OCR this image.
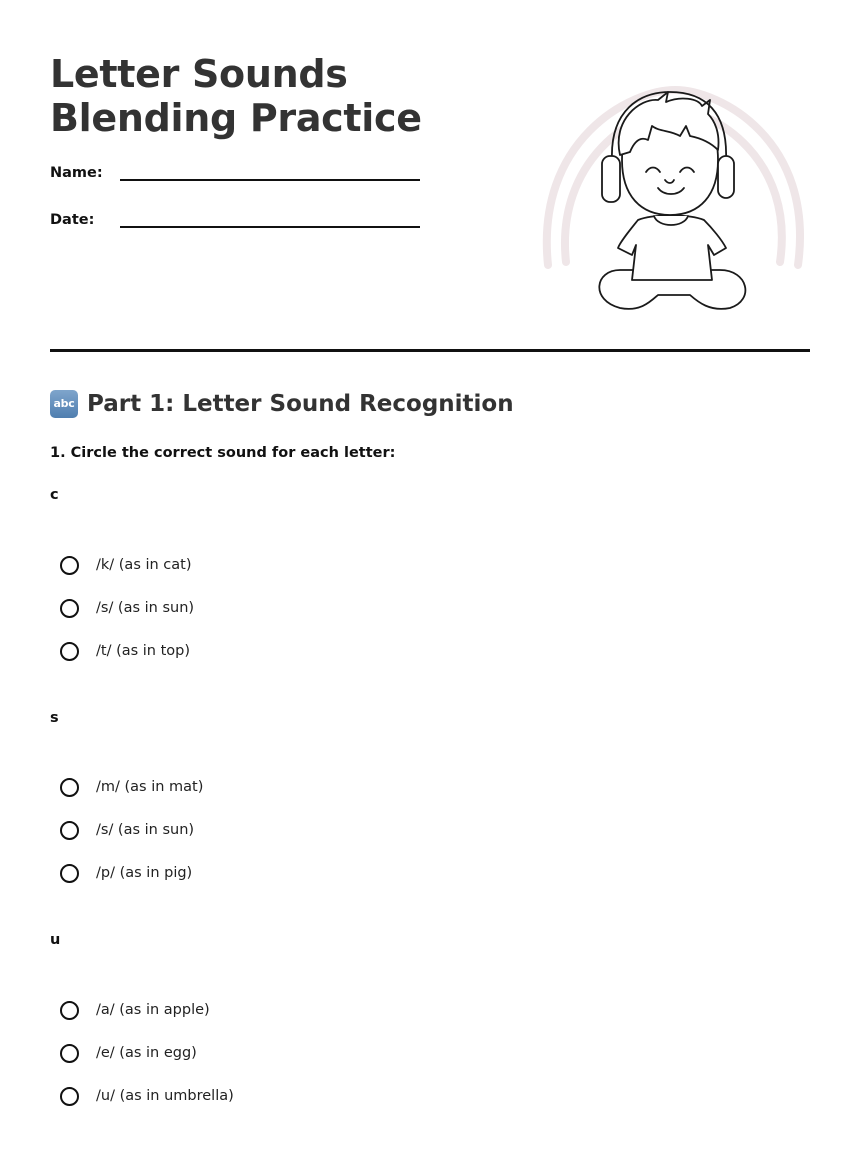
Letter Sounds Blending Practice
Name:
Date:
abc Part 1: Letter Sound Recognition

1. Circle the correct sound for each letter:

c
/k/ (as in cat)
/s/ (as in sun)
/t/ (as in top)
s
/m/ (as in mat)
/s/ (as in sun)
/p/ (as in pig)
u
/a/ (as in apple)
/e/ (as in egg)
/u/ (as in umbrella)
